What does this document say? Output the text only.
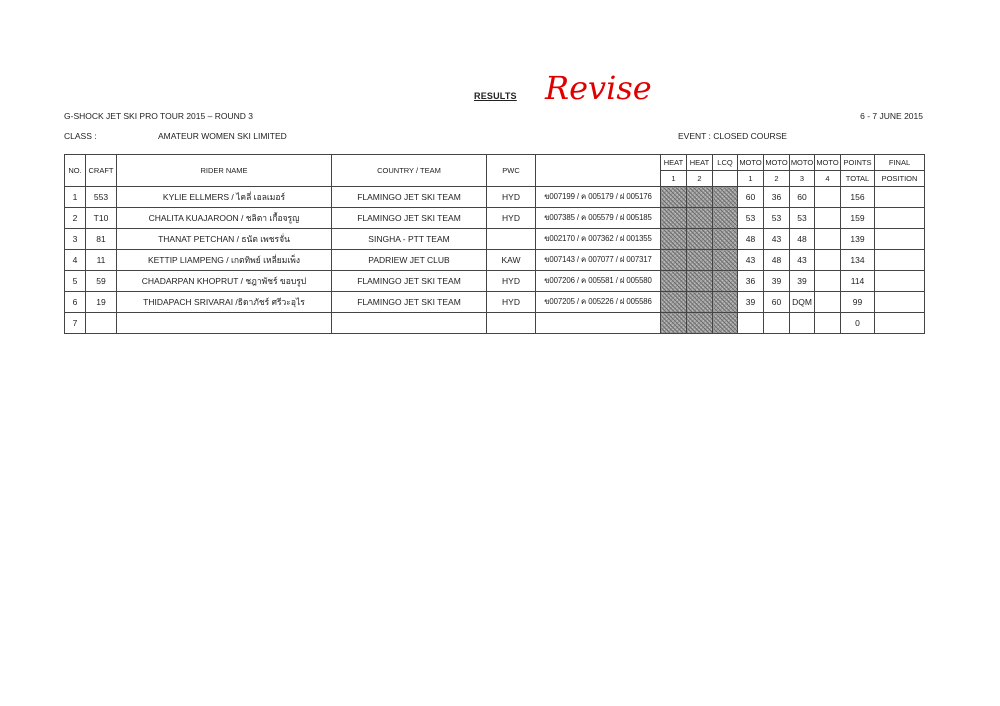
RESULTS Revise
G-SHOCK JET SKI PRO TOUR 2015 – ROUND 3	6 - 7 JUNE 2015
CLASS :	AMATEUR WOMEN SKI LIMITED	EVENT : CLOSED COURSE
NO.	CRAFT	RIDER NAME	COUNTRY / TEAM	PWC		HEAT	HEAT	LCQ	MOTO	MOTO	MOTO	MOTO	POINTS	FINAL
						1	2		1	2	3	4	TOTAL	POSITION
1	553	KYLIE ELLMERS / ไคลี่ เอลเมอร์	FLAMINGO JET SKI TEAM	HYD	ข007199 / ค 005179 / ฝ 005176				60	36	60		156	
2	T10	CHALITA KUAJAROON / ชลิตา เกื้อจรูญ	FLAMINGO JET SKI TEAM	HYD	ข007385 / ค 005579 / ฝ 005185				53	53	53		159	
3	81	THANAT PETCHAN / ธนัต เพชรจั่น	SINGHA - PTT TEAM		ข002170 / ค 007362 / ฝ 001355				48	43	48		139	
4	11	KETTIP LIAMPENG / เกตทิพย์ เหลี่ยมเพ็ง	PADRIEW JET CLUB	KAW	ข007143 / ค 007077 / ฝ 007317				43	48	43		134	
5	59	CHADARPAN KHOPRUT / ชฎาพัชร์ ขอบรูป	FLAMINGO JET SKI TEAM	HYD	ข007206 / ค 005581 / ฝ 005580				36	39	39		114	
6	19	THIDAPACH SRIVARAI /ธิดาภัชร์ ศรีวะอุไร	FLAMINGO JET SKI TEAM	HYD	ข007205 / ค 005226 / ฝ 005586				39	60	DQM		99	
7													0	
